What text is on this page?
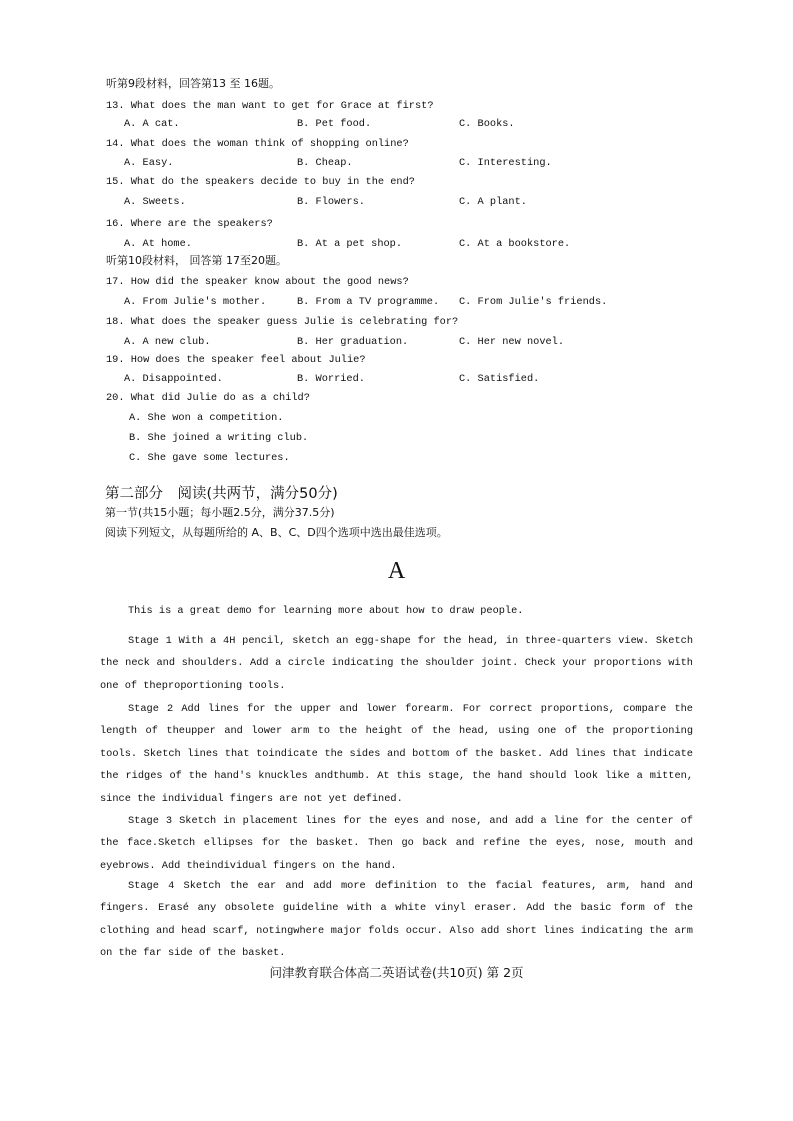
听第9段材料，回答第13 至 16题。
13. What does the man want to get for Grace at first?
A. A cat.	B. Pet food.	C. Books.
14. What does the woman think of shopping online?
A. Easy.	B. Cheap.	C. Interesting.
15. What do the speakers decide to buy in the end?
A. Sweets.	B. Flowers.	C. A plant.
16. Where are the speakers?
A. At home.	B. At a pet shop.	C. At a bookstore.
听第10段材料， 回答第 17至20题。
17. How did the speaker know about the good news?
A. From Julie's mother.	B. From a TV programme. C. From Julie's friends.
18. What does the speaker guess Julie is celebrating for?
A. A new club.	B. Her graduation.	C. Her new novel.
19. How does the speaker feel about Julie?
A. Disappointed.	B. Worried.	C. Satisfied.
20. What did Julie do as a child?
A. She won a competition.
B. She joined a writing club.
C. She gave some lectures.
第二部分　阅读(共两节，满分50分)
第一节(共15小题；每小题2.5分，满分37.5分)
阅读下列短文，从每题所给的 A、B、C、D四个选项中选出最佳选项。
A
This is a great demo for learning more about how to draw people.
Stage 1 With a 4H pencil, sketch an egg-shape for the head, in three-quarters view. Sketch the neck and shoulders. Add a circle indicating the shoulder joint. Check your proportions with one of theproportioning tools.
Stage 2 Add lines for the upper and lower forearm. For correct proportions, compare the length of theupper and lower arm to the height of the head, using one of the proportioning tools. Sketch lines that toindicate the sides and bottom of the basket. Add lines that indicate the ridges of the hand's knuckles andthumb. At this stage, the hand should look like a mitten, since the individual fingers are not yet defined.
Stage 3 Sketch in placement lines for the eyes and nose, and add a line for the center of the face.Sketch ellipses for the basket. Then go back and refine the eyes, nose, mouth and eyebrows. Add theindividual fingers on the hand.
Stage 4 Sketch the ear and add more definition to the facial features, arm, hand and fingers. Erasé any obsolete guideline with a white vinyl eraser. Add the basic form of the clothing and head scarf, notingwhere major folds occur. Also add short lines indicating the arm on the far side of the basket.
问津教育联合体高二英语试卷(共10页) 第 2页
